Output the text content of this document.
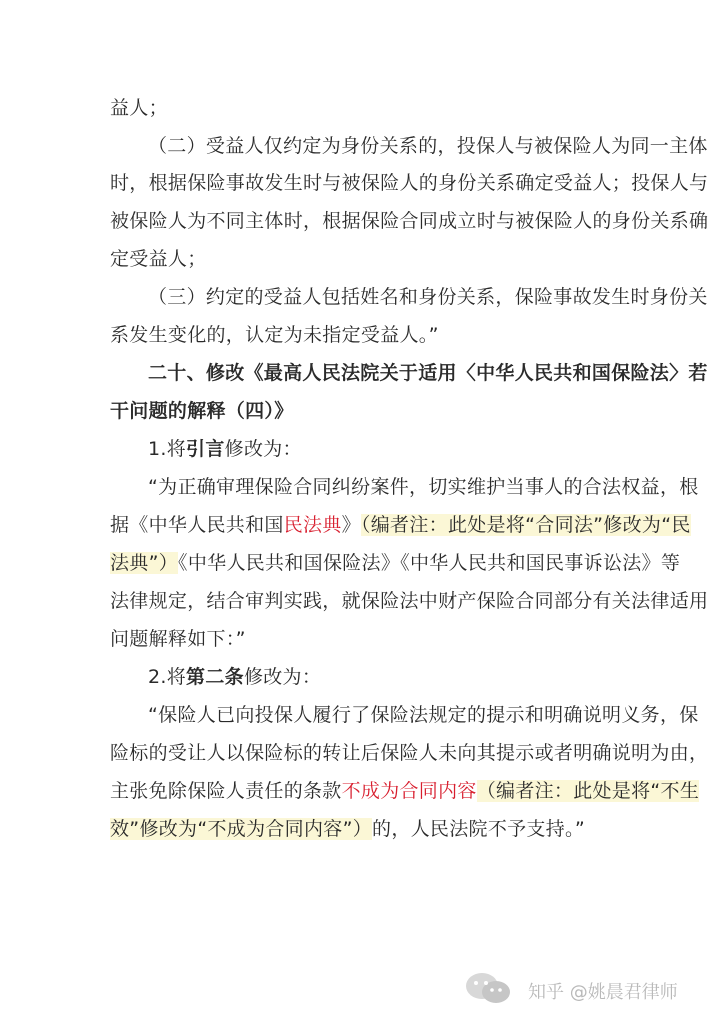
益人；
（二）受益人仅约定为身份关系的，投保人与被保险人为同一主体
时，根据保险事故发生时与被保险人的身份关系确定受益人；投保人与
被保险人为不同主体时，根据保险合同成立时与被保险人的身份关系确
定受益人；
（三）约定的受益人包括姓名和身份关系，保险事故发生时身份关
系发生变化的，认定为未指定受益人。”
二十、修改《最高人民法院关于适用〈中华人民共和国保险法〉若
干问题的解释（四）》
1.将引言修改为：
“为正确审理保险合同纠纷案件，切实维护当事人的合法权益，根
据《中华人民共和国民法典》（编者注：此处是将“合同法”修改为“民
法典”）《中华人民共和国保险法》《中华人民共和国民事诉讼法》等
法律规定，结合审判实践，就保险法中财产保险合同部分有关法律适用
问题解释如下：”
2.将第二条修改为：
“保险人已向投保人履行了保险法规定的提示和明确说明义务，保
险标的受让人以保险标的转让后保险人未向其提示或者明确说明为由，
主张免除保险人责任的条款不成为合同内容（编者注：此处是将“不生
效”修改为“不成为合同内容”）的，人民法院不予支持。”
知乎 @姚晨君律师
